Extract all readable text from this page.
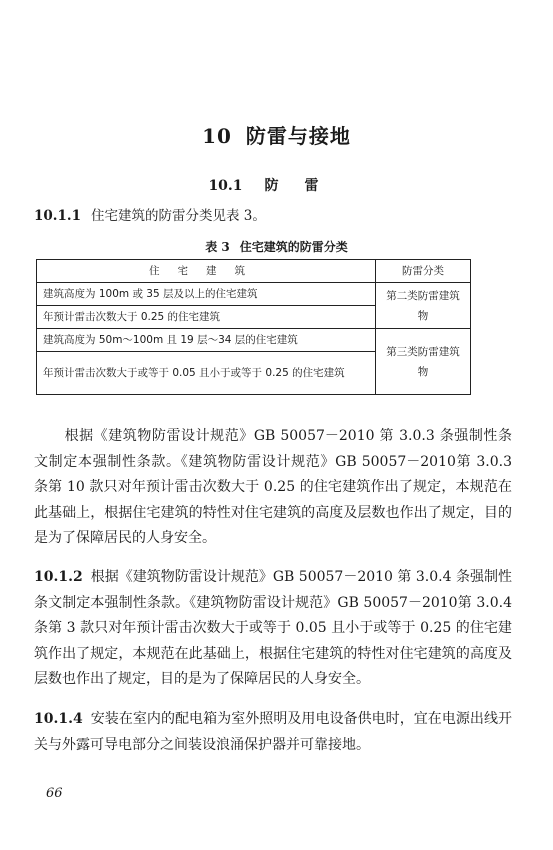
10 防雷与接地
10.1 防雷
10.1.1 住宅建筑的防雷分类见表 3。
表 3 住宅建筑的防雷分类
住宅建筑	防雷分类
建筑高度为 100m 或 35 层及以上的住宅建筑	第二类防雷建筑物
年预计雷击次数大于 0.25 的住宅建筑	
建筑高度为 50m～100m 且 19 层～34 层的住宅建筑	第三类防雷建筑物
年预计雷击次数大于或等于 0.05 且小于或等于 0.25 的住宅建筑	
根据《建筑物防雷设计规范》GB 50057－2010 第 3.0.3 条强制性条文制定本强制性条款。《建筑物防雷设计规范》GB 50057－2010第 3.0.3 条第 10 款只对年预计雷击次数大于 0.25 的住宅建筑作出了规定，本规范在此基础上，根据住宅建筑的特性对住宅建筑的高度及层数也作出了规定，目的是为了保障居民的人身安全。
10.1.2 根据《建筑物防雷设计规范》GB 50057－2010 第 3.0.4 条强制性条文制定本强制性条款。《建筑物防雷设计规范》GB 50057－2010第 3.0.4 条第 3 款只对年预计雷击次数大于或等于 0.05 且小于或等于 0.25 的住宅建筑作出了规定，本规范在此基础上，根据住宅建筑的特性对住宅建筑的高度及层数也作出了规定，目的是为了保障居民的人身安全。
10.1.4 安装在室内的配电箱为室外照明及用电设备供电时，宜在电源出线开关与外露可导电部分之间装设浪涌保护器并可靠接地。
66
